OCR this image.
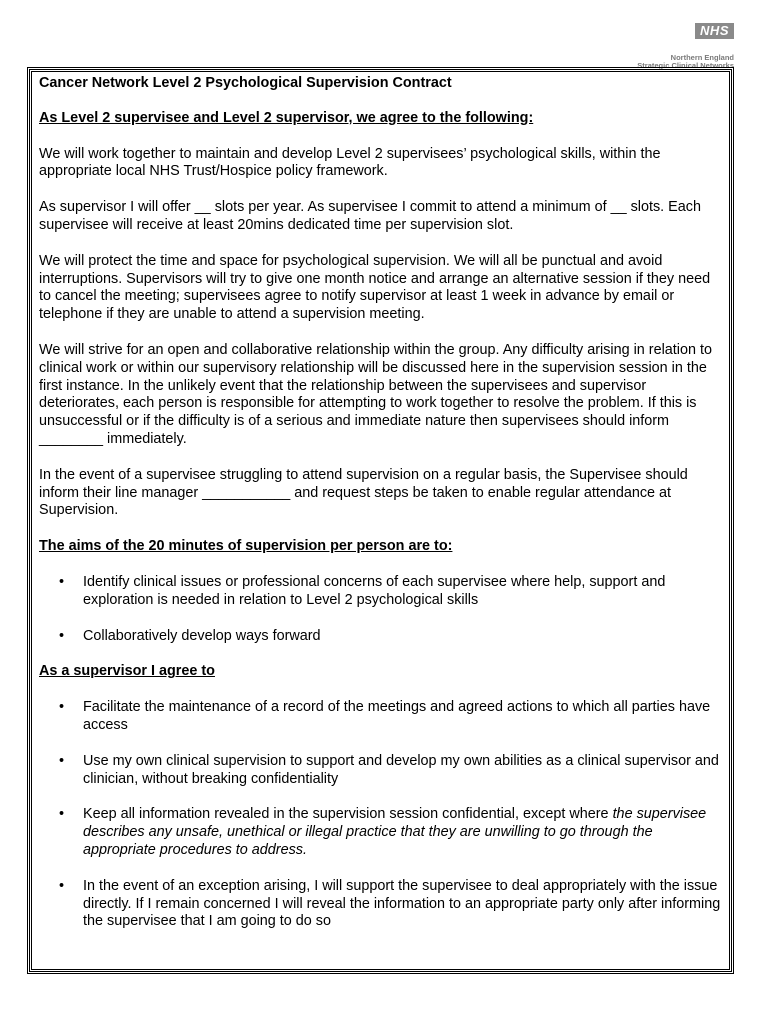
NHS
Northern England
Strategic Clinical Networks

Cancer Network Level 2 Psychological Supervision Contract

As Level 2 supervisee and Level 2 supervisor, we agree to the following:

We will work together to maintain and develop Level 2 supervisees’ psychological skills, within the appropriate local NHS Trust/Hospice policy framework.

As supervisor I will offer __ slots per year. As supervisee I commit to attend a minimum of __ slots. Each supervisee will receive at least 20mins dedicated time per supervision slot.

We will protect the time and space for psychological supervision. We will all be punctual and avoid interruptions. Supervisors will try to give one month notice and arrange an alternative session if they need to cancel the meeting; supervisees agree to notify supervisor at least 1 week in advance by email or telephone if they are unable to attend a supervision meeting.

We will strive for an open and collaborative relationship within the group. Any difficulty arising in relation to clinical work or within our supervisory relationship will be discussed here in the supervision session in the first instance. In the unlikely event that the relationship between the supervisees and supervisor deteriorates, each person is responsible for attempting to work together to resolve the problem. If this is unsuccessful or if the difficulty is of a serious and immediate nature then supervisees should inform ________ immediately.

In the event of a supervisee struggling to attend supervision on a regular basis, the Supervisee should inform their line manager ___________ and request steps be taken to enable regular attendance at Supervision.

The aims of the 20 minutes of supervision per person are to:

• Identify clinical issues or professional concerns of each supervisee where help, support and exploration is needed in relation to Level 2 psychological skills
• Collaboratively develop ways forward

As a supervisor I agree to

• Facilitate the maintenance of a record of the meetings and agreed actions to which all parties have access
• Use my own clinical supervision to support and develop my own abilities as a clinical supervisor and clinician, without breaking confidentiality
• Keep all information revealed in the supervision session confidential, except where the supervisee describes any unsafe, unethical or illegal practice that they are unwilling to go through the appropriate procedures to address.
• In the event of an exception arising, I will support the supervisee to deal appropriately with the issue directly. If I remain concerned I will reveal the information to an appropriate party only after informing the supervisee that I am going to do so
